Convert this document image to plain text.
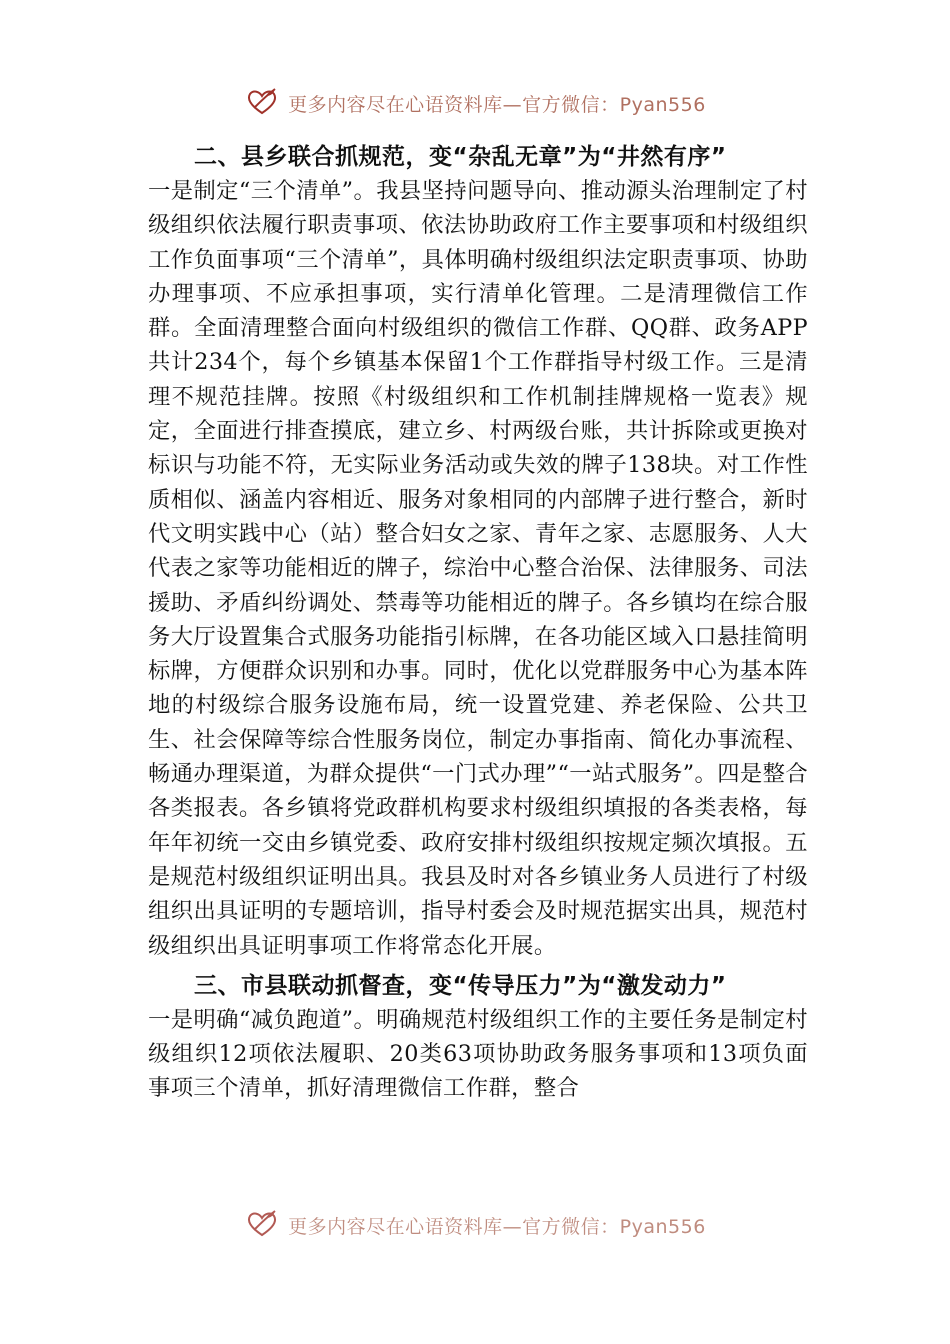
更多内容尽在心语资料库—官方微信：Pyan556
二、县乡联合抓规范，变“杂乱无章”为“井然有序”

一是制定“三个清单”。我县坚持问题导向、推动源头治理制定了村级组织依法履行职责事项、依法协助政府工作主要事项和村级组织工作负面事项“三个清单”，具体明确村级组织法定职责事项、协助办理事项、不应承担事项，实行清单化管理。二是清理微信工作群。全面清理整合面向村级组织的微信工作群、QQ群、政务APP共计234个，每个乡镇基本保留1个工作群指导村级工作。三是清理不规范挂牌。按照《村级组织和工作机制挂牌规格一览表》规定，全面进行排查摸底，建立乡、村两级台账，共计拆除或更换对标识与功能不符，无实际业务活动或失效的牌子138块。对工作性质相似、涵盖内容相近、服务对象相同的内部牌子进行整合，新时代文明实践中心（站）整合妇女之家、青年之家、志愿服务、人大代表之家等功能相近的牌子，综治中心整合治保、法律服务、司法援助、矛盾纠纷调处、禁毒等功能相近的牌子。各乡镇均在综合服务大厅设置集合式服务功能指引标牌，在各功能区域入口悬挂简明标牌，方便群众识别和办事。同时，优化以党群服务中心为基本阵地的村级综合服务设施布局，统一设置党建、养老保险、公共卫生、社会保障等综合性服务岗位，制定办事指南、简化办事流程、畅通办理渠道，为群众提供“一门式办理”“一站式服务”。四是整合各类报表。各乡镇将党政群机构要求村级组织填报的各类表格，每年年初统一交由乡镇党委、政府安排村级组织按规定频次填报。五是规范村级组织证明出具。我县及时对各乡镇业务人员进行了村级组织出具证明的专题培训，指导村委会及时规范据实出具，规范村级组织出具证明事项工作将常态化开展。

三、市县联动抓督查，变“传导压力”为“激发动力”

一是明确“减负跑道”。明确规范村级组织工作的主要任务是制定村级组织12项依法履职、20类63项协助政务服务事项和13项负面事项三个清单，抓好清理微信工作群，整合

更多内容尽在心语资料库—官方微信：Pyan556
